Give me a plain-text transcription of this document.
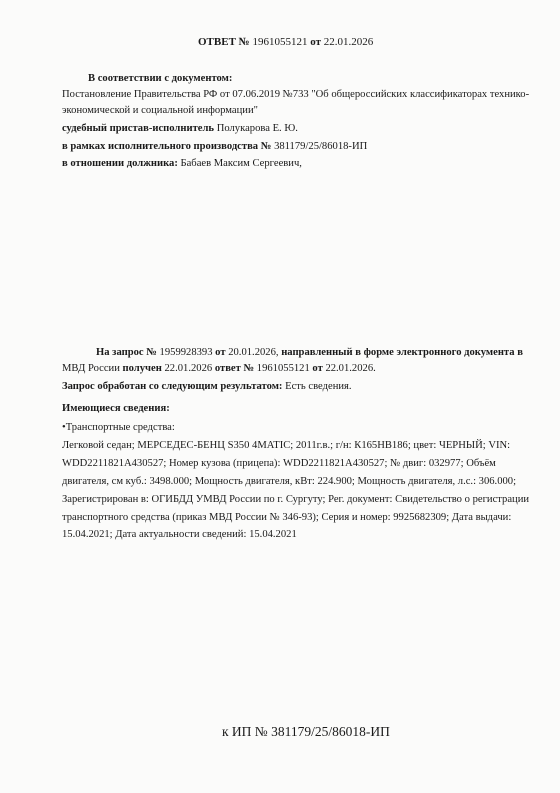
ОТВЕТ № 1961055121 от 22.01.2026
В соответствии с документом:
Постановление Правительства РФ от 07.06.2019 №733 "Об общероссийских классификаторах технико-
экономической и социальной информации"
судебный пристав-исполнитель Полукарова Е. Ю.
в рамках исполнительного производства № 381179/25/86018-ИП
в отношении должника: Бабаев Максим Сергеевич,
На запрос № 1959928393 от 20.01.2026, направленный в форме электронного документа в
МВД России получен 22.01.2026 ответ № 1961055121 от 22.01.2026.
Запрос обработан со следующим результатом: Есть сведения.
Имеющиеся сведения:
•Транспортные средства:
Легковой седан; МЕРСЕДЕС-БЕНЦ S350 4MATIC; 2011г.в.; г/н: К165НВ186; цвет: ЧЕРНЫЙ; VIN:
WDD2211821A430527; Номер кузова (прицепа): WDD2211821A430527; № двиг: 032977; Объём
двигателя, см куб.: 3498.000; Мощность двигателя, кВт: 224.900; Мощность двигателя, л.с.: 306.000;
Зарегистрирован в: ОГИБДД УМВД России по г. Сургуту; Рег. документ: Свидетельство о регистрации
транспортного средства (приказ МВД России № 346-93); Серия и номер: 9925682309; Дата выдачи:
15.04.2021; Дата актуальности сведений: 15.04.2021
к ИП № 381179/25/86018-ИП
